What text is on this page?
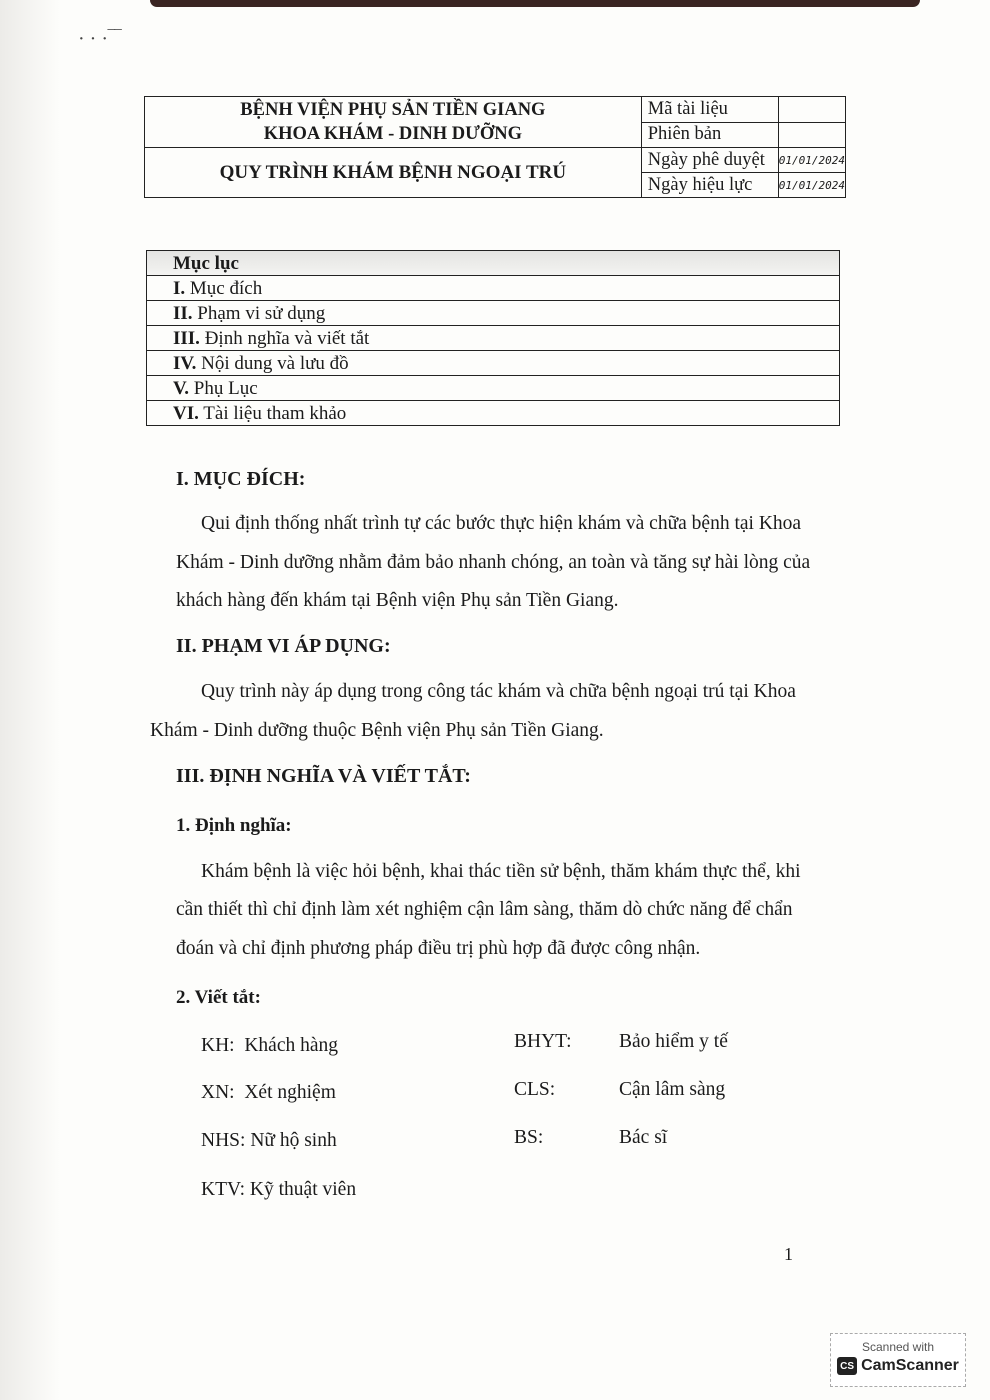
· · ·‾‾
BỆNH VIỆN PHỤ SẢN TIỀN GIANG
KHOA KHÁM - DINH DƯỠNG	Mã tài liệu	
	Phiên bản	
QUY TRÌNH KHÁM BỆNH NGOẠI TRÚ	Ngày phê duyệt	01/01/2024
	Ngày hiệu lực	01/01/2024
Mục lục
I. Mục đích
II. Phạm vi sử dụng
III. Định nghĩa và viết tắt
IV. Nội dung và lưu đồ
V. Phụ Lục
VI. Tài liệu tham khảo
I. MỤC ĐÍCH:
Qui định thống nhất trình tự các bước thực hiện khám và chữa bệnh tại Khoa
Khám - Dinh dưỡng nhằm đảm bảo nhanh chóng, an toàn và tăng sự hài lòng của
khách hàng đến khám tại Bệnh viện Phụ sản Tiền Giang.
II. PHẠM VI ÁP DỤNG:
Quy trình này áp dụng trong công tác khám và chữa bệnh ngoại trú tại Khoa
Khám - Dinh dưỡng thuộc Bệnh viện Phụ sản Tiền Giang.
III. ĐỊNH NGHĨA VÀ VIẾT TẮT:
1. Định nghĩa:
Khám bệnh là việc hỏi bệnh, khai thác tiền sử bệnh, thăm khám thực thể, khi
cần thiết thì chỉ định làm xét nghiệm cận lâm sàng, thăm dò chức năng để chẩn
đoán và chỉ định phương pháp điều trị phù hợp đã được công nhận.
2. Viết tắt:
KH: Khách hàng
XN: Xét nghiệm
NHS: Nữ hộ sinh
KTV: Kỹ thuật viên
BHYT: Bảo hiểm y tế
CLS:	Cận lâm sàng
BS:	Bác sĩ
1
Scanned with
CS CamScanner
